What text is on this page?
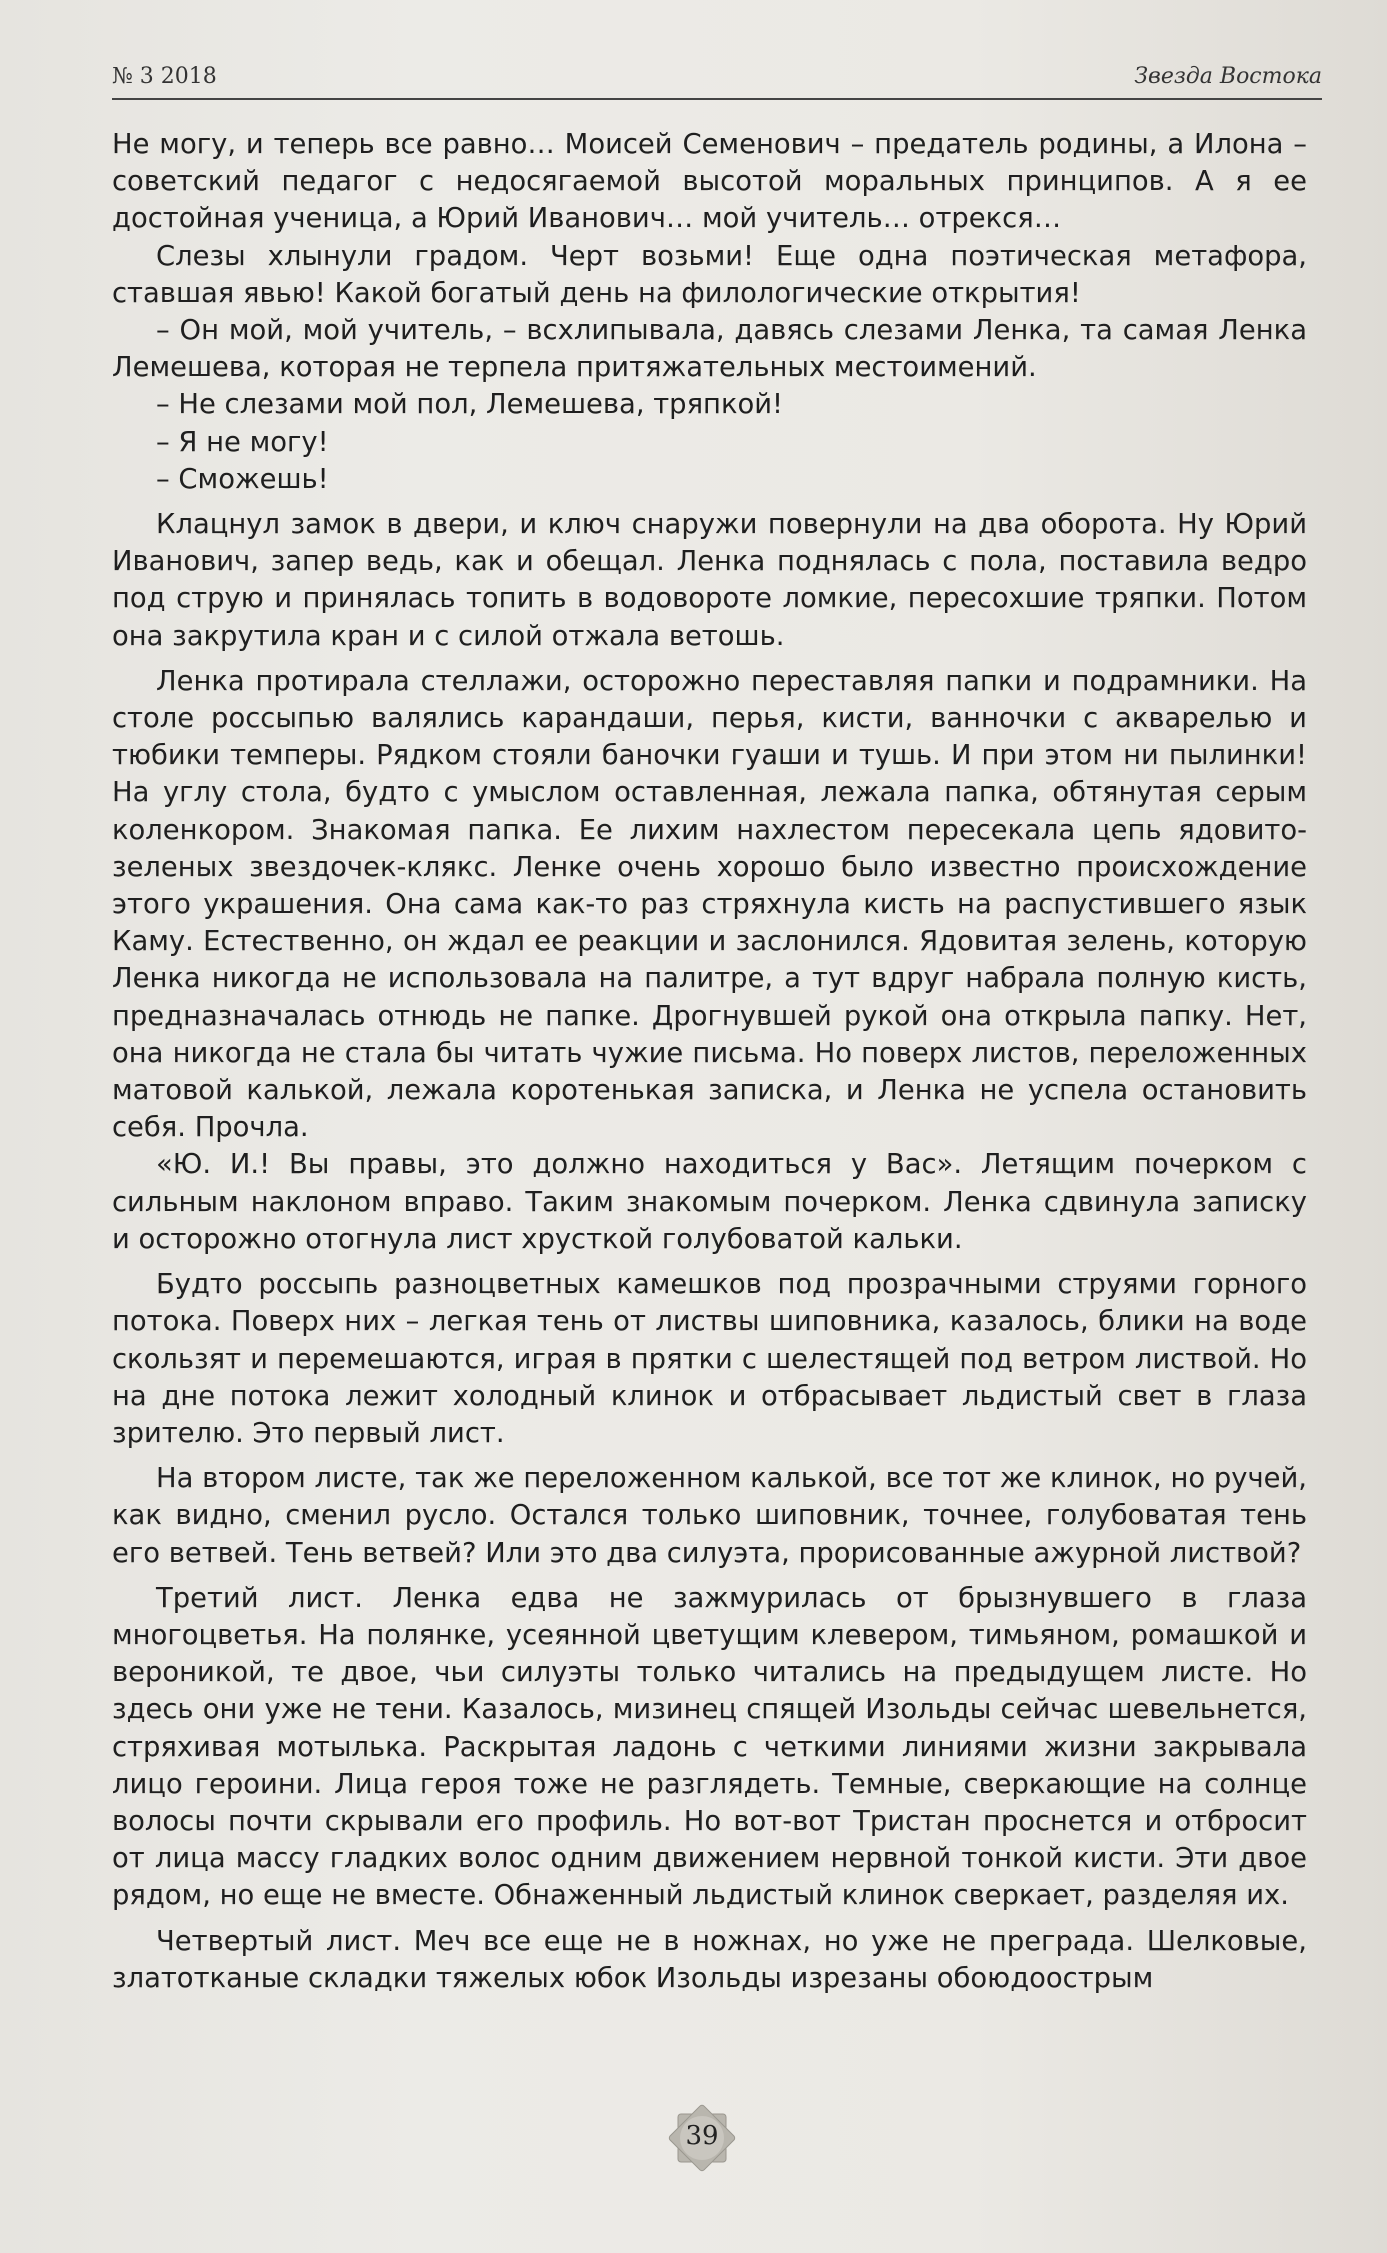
№ 3 2018	Звезда Востока

Не могу, и теперь все равно… Моисей Семенович – предатель родины, а Илона – советский педагог с недосягаемой высотой моральных принципов. А я ее достойная ученица, а Юрий Иванович… мой учитель… отрекся…

Слезы хлынули градом. Черт возьми! Еще одна поэтическая метафора, ставшая явью! Какой богатый день на филологические открытия!

– Он мой, мой учитель, – всхлипывала, давясь слезами Ленка, та самая Ленка Лемешева, которая не терпела притяжательных местоимений.

– Не слезами мой пол, Лемешева, тряпкой!

– Я не могу!

– Сможешь!

Клацнул замок в двери, и ключ снаружи повернули на два оборота. Ну Юрий Иванович, запер ведь, как и обещал. Ленка поднялась с пола, поставила ведро под струю и принялась топить в водовороте ломкие, пересохшие тряпки. Потом она закрутила кран и с силой отжала ветошь.

Ленка протирала стеллажи, осторожно переставляя папки и подрамники. На столе россыпью валялись карандаши, перья, кисти, ванночки с акварелью и тюбики темперы. Рядком стояли баночки гуаши и тушь. И при этом ни пылинки! На углу стола, будто с умыслом оставленная, лежала папка, обтянутая серым коленкором. Знакомая папка. Ее лихим нахлестом пересекала цепь ядовито-зеленых звездочек-клякс. Ленке очень хорошо было известно происхождение этого украшения. Она сама как-то раз стряхнула кисть на распустившего язык Каму. Естественно, он ждал ее реакции и заслонился. Ядовитая зелень, которую Ленка никогда не использовала на палитре, а тут вдруг набрала полную кисть, предназначалась отнюдь не папке. Дрогнувшей рукой она открыла папку. Нет, она никогда не стала бы читать чужие письма. Но поверх листов, переложенных матовой калькой, лежала коротенькая записка, и Ленка не успела остановить себя. Прочла.

«Ю. И.! Вы правы, это должно находиться у Вас». Летящим почерком с сильным наклоном вправо. Таким знакомым почерком. Ленка сдвинула записку и осторожно отогнула лист хрусткой голубоватой кальки.

Будто россыпь разноцветных камешков под прозрачными струями горного потока. Поверх них – легкая тень от листвы шиповника, казалось, блики на воде скользят и перемешаются, играя в прятки с шелестящей под ветром листвой. Но на дне потока лежит холодный клинок и отбрасывает льдистый свет в глаза зрителю. Это первый лист.

На втором листе, так же переложенном калькой, все тот же клинок, но ручей, как видно, сменил русло. Остался только шиповник, точнее, голубоватая тень его ветвей. Тень ветвей? Или это два силуэта, прорисованные ажурной листвой?

Третий лист. Ленка едва не зажмурилась от брызнувшего в глаза многоцветья. На полянке, усеянной цветущим клевером, тимьяном, ромашкой и вероникой, те двое, чьи силуэты только читались на предыдущем листе. Но здесь они уже не тени. Казалось, мизинец спящей Изольды сейчас шевельнется, стряхивая мотылька. Раскрытая ладонь с четкими линиями жизни закрывала лицо героини. Лица героя тоже не разглядеть. Темные, сверкающие на солнце волосы почти скрывали его профиль. Но вот-вот Тристан проснется и отбросит от лица массу гладких волос одним движением нервной тонкой кисти. Эти двое рядом, но еще не вместе. Обнаженный льдистый клинок сверкает, разделяя их.

Четвертый лист. Меч все еще не в ножнах, но уже не преграда. Шелковые, златотканые складки тяжелых юбок Изольды изрезаны обоюдоострым

39
